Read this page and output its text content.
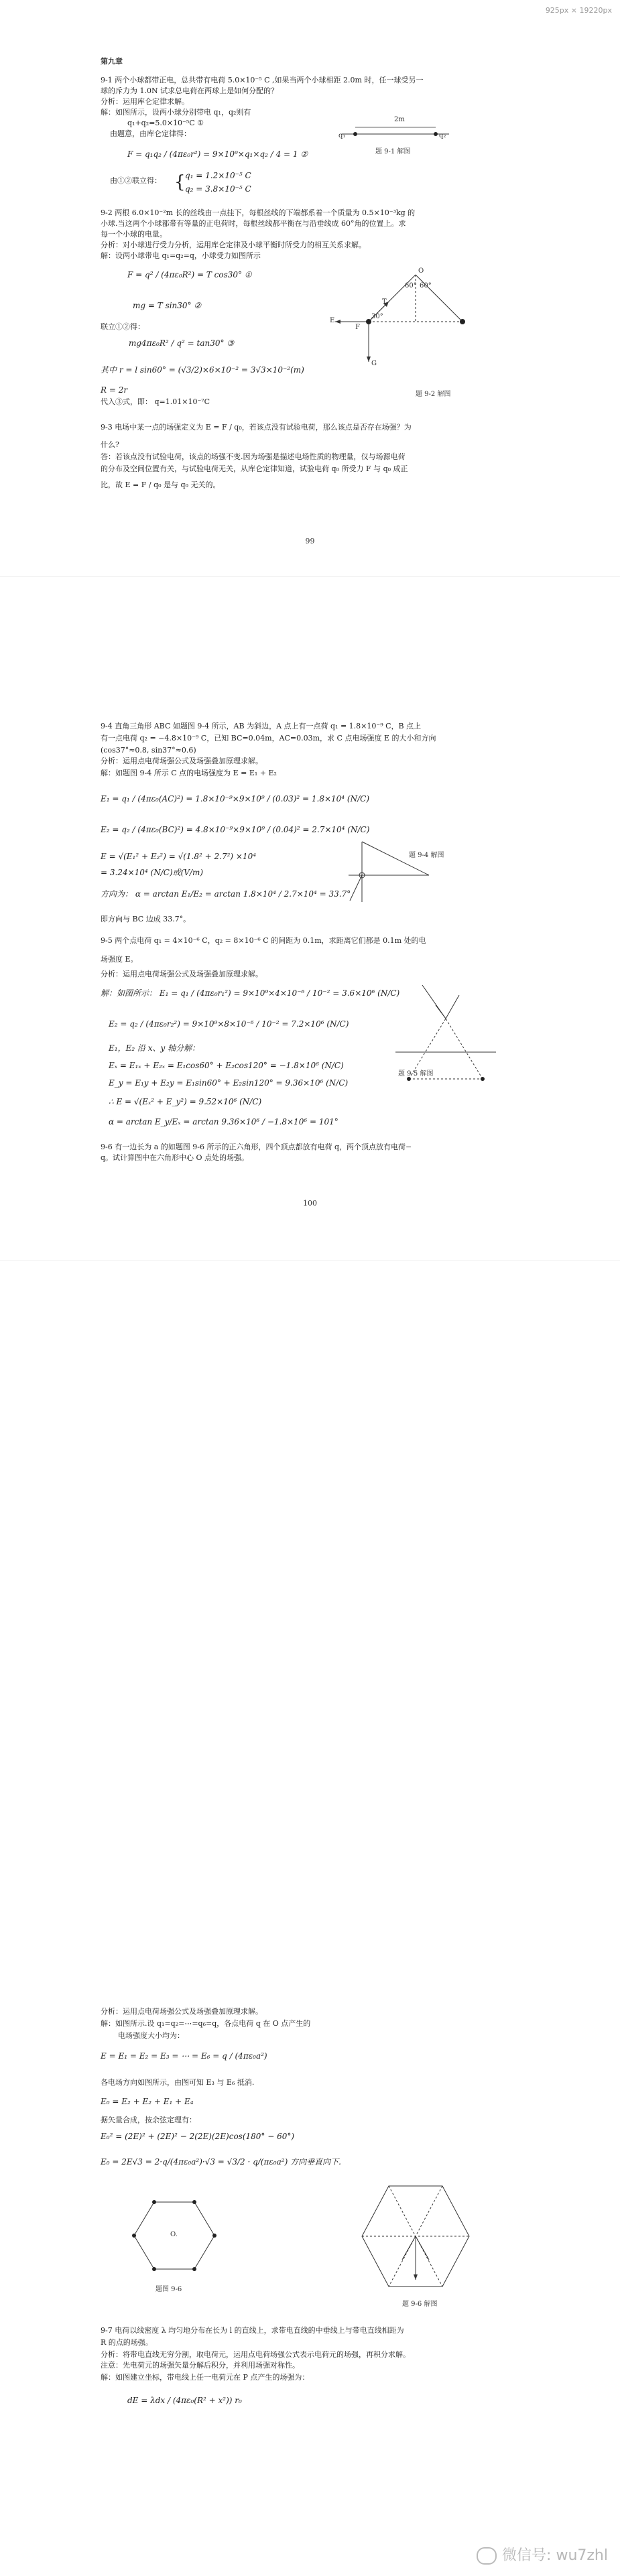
925px × 19220px
第九章
9-1 两个小球都带正电，总共带有电荷 5.0×10⁻⁵ C ,如果当两个小球相距 2.0m 时，任一球受另一
球的斥力为 1.0N 试求总电荷在两球上是如何分配的？
分析：运用库仑定律求解。
解：如图所示，设两小球分别带电 q₁，q₂则有
q₁+q₂=5.0×10⁻⁵C ①
由题意，由库仑定律得：
F = q₁q₂ / (4πε₀r²) = 9×10⁹×q₁×q₂ / 4 = 1 ②
由①②联立得： { q₁ = 1.2×10⁻⁵ C
q₂ = 3.8×10⁻⁵ C
2m
q₁	q₂
题 9-1 解图
9-2 两根 6.0×10⁻²m 长的丝线由一点挂下，每根丝线的下端都系着一个质量为 0.5×10⁻³kg 的
小球.当这两个小球都带有等量的正电荷时，每根丝线都平衡在与沿垂线成 60°角的位置上。求
每一个小球的电量。
分析：对小球进行受力分析，运用库仑定律及小球平衡时所受力的相互关系求解。
解：设两小球带电 q₁=q₂=q，小球受力如图所示
F = q² / (4πε₀R²) = T cos30° ①
mg = T sin30° ②
联立①②得：
mg4πε₀R² / q² = tan30° ③
其中 r = l sin60° = (√3/2)×6×10⁻² = 3√3×10⁻²(m)
R = 2r
代入③式，即： q=1.01×10⁻⁷C
O
60° 60°
30°
T
E
F
G
题 9-2 解图
9-3 电场中某一点的场强定义为 E = F / q₀，若该点没有试验电荷，那么该点是否存在场强？为
什么?
答：若该点没有试验电荷，该点的场强不变.因为场强是描述电场性质的物理量，仅与场源电荷
的分布及空间位置有关，与试验电荷无关，从库仑定律知道，试验电荷 q₀ 所受力 F 与 q₀ 成正
比，故 E = F / q₀ 是与 q₀ 无关的。
99
9-4 直角三角形 ABC 如题图 9-4 所示，AB 为斜边，A 点上有一点荷 q₁ = 1.8×10⁻⁹ C，B 点上
有一点电荷 q₂ = −4.8×10⁻⁹ C，已知 BC=0.04m，AC=0.03m，求 C 点电场强度 E 的大小和方向
(cos37°≈0.8, sin37°≈0.6)
分析：运用点电荷场强公式及场强叠加原理求解。
解：如题图 9-4 所示 C 点的电场强度为 E = E₁ + E₂
E₁ = q₁ / (4πε₀(AC)²) = 1.8×10⁻⁹×9×10⁹ / (0.03)² = 1.8×10⁴ (N/C)
E₂ = q₂ / (4πε₀(BC)²) = 4.8×10⁻⁹×9×10⁹ / (0.04)² = 2.7×10⁴ (N/C)
E = √(E₁² + E₂²) = √(1.8² + 2.7²) ×10⁴
= 3.24×10⁴ (N/C)或(V/m)
方向为： α = arctan E₁/E₂ = arctan 1.8×10⁴ / 2.7×10⁴ = 33.7°
即方向与 BC 边成 33.7°。
题 9-4 解图
9-5 两个点电荷 q₁ = 4×10⁻⁶ C，q₂ = 8×10⁻⁶ C 的间距为 0.1m，求距离它们都是 0.1m 处的电
场强度 E。
分析：运用点电荷场强公式及场强叠加原理求解。
解：如图所示： E₁ = q₁ / (4πε₀r₁²) = 9×10⁹×4×10⁻⁶ / 10⁻² = 3.6×10⁶ (N/C)
E₂ = q₂ / (4πε₀r₂²) = 9×10⁹×8×10⁻⁶ / 10⁻² = 7.2×10⁶ (N/C)
E₁，E₂ 沿 x、y 轴分解：
Eₓ = E₁ₓ + E₂ₓ = E₁cos60° + E₂cos120° = −1.8×10⁶ (N/C)
E_y = E₁y + E₂y = E₁sin60° + E₂sin120° = 9.36×10⁶ (N/C)
∴ E = √(Eₓ² + E_y²) = 9.52×10⁶ (N/C)
α = arctan E_y/Eₓ = arctan 9.36×10⁶ / −1.8×10⁶ = 101°
题 9-5 解图
9-6 有一边长为 a 的如题图 9-6 所示的正六角形，四个顶点都放有电荷 q，两个顶点放有电荷−
q。试计算图中在六角形中心 O 点处的场强。
100
分析：运用点电荷场强公式及场强叠加原理求解。
解：如图所示.设 q₁=q₂=⋯=q₆=q，各点电荷 q 在 O 点产生的
电场强度大小均为：
E = E₁ = E₂ = E₃ = ⋯ = E₆ = q / (4πε₀a²)
各电场方向如图所示，由图可知 E₃ 与 E₆ 抵消.
E₀ = E₂ + E₂ + E₁ + E₄
据矢量合成，按余弦定理有：
E₀² = (2E)² + (2E)² − 2(2E)(2E)cos(180° − 60°)
E₀ = 2E√3 = 2·q/(4πε₀a²)·√3 = √3/2 · q/(πε₀a²) 方向垂直向下.
O.
题图 9-6
题 9-6 解图
9-7 电荷以线密度 λ 均匀地分布在长为 l 的直线上，求带电直线的中垂线上与带电直线相距为
R 的点的场强。
分析：将带电直线无穷分割，取电荷元，运用点电荷场强公式表示电荷元的场强，再积分求解。
注意：先电荷元的场强矢量分解后积分，并利用场强对称性。
解：如图建立坐标，带电线上任一电荷元在 P 点产生的场强为：
dE = λdx / (4πε₀(R² + x²)) r₀
微信号: wu7zhl
